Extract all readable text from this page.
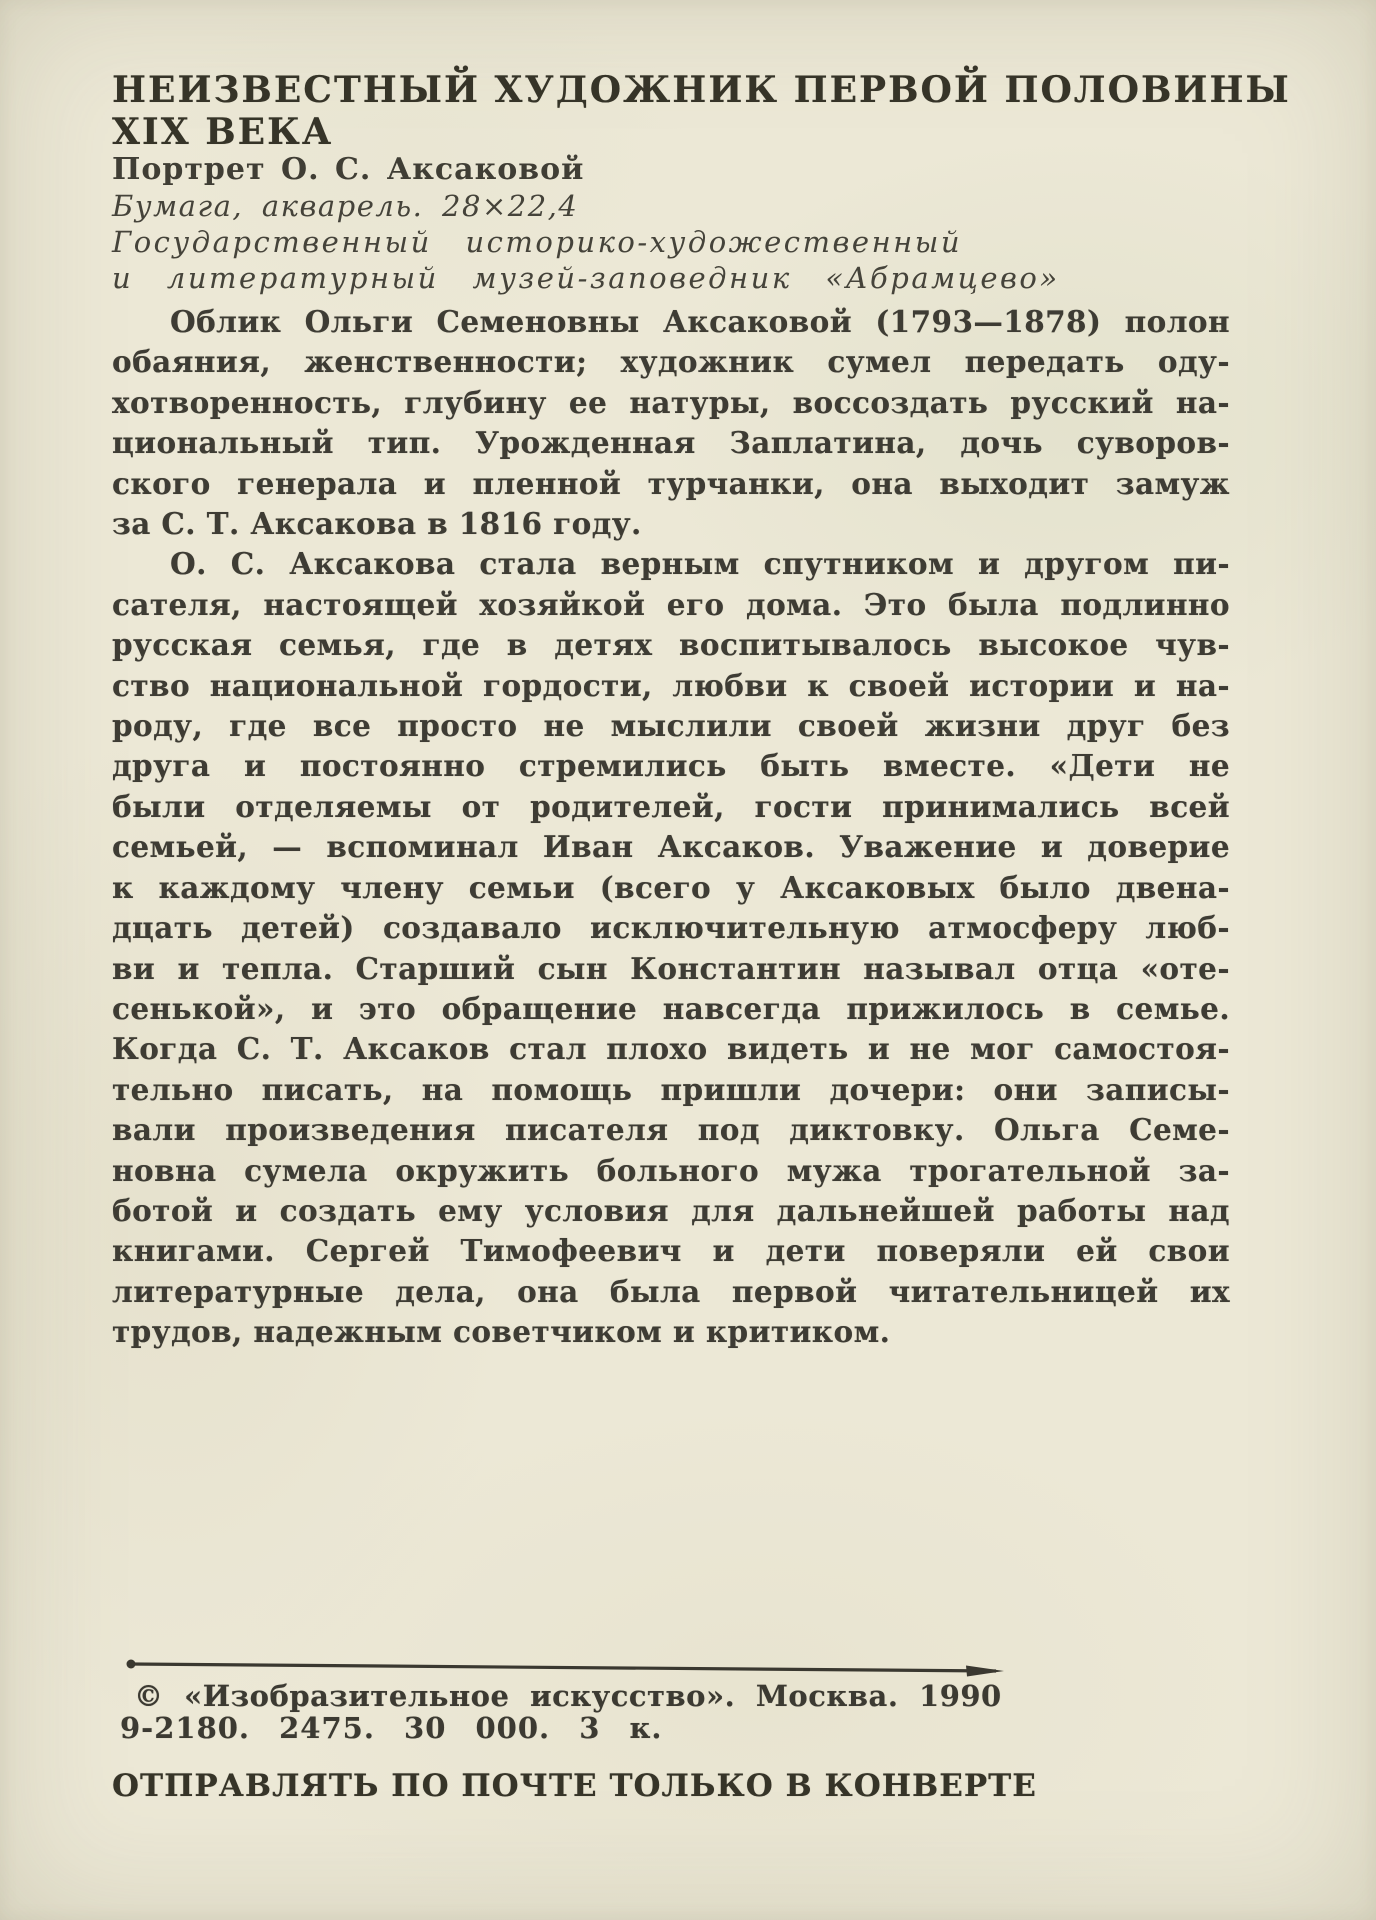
НЕИЗВЕСТНЫЙ ХУДОЖНИК ПЕРВОЙ ПОЛОВИНЫ
XIX ВЕКА
Портрет О. С. Аксаковой
Бумага, акварель. 28×22,4
Государственный историко-художественный
и литературный музей-заповедник «Абрамцево»
Облик Ольги Семеновны Аксаковой (1793—1878) полон
обаяния, женственности; художник сумел передать оду-
хотворенность, глубину ее натуры, воссоздать русский на-
циональный тип. Урожденная Заплатина, дочь суворов-
ского генерала и пленной турчанки, она выходит замуж
за С. Т. Аксакова в 1816 году.
О. С. Аксакова стала верным спутником и другом пи-
сателя, настоящей хозяйкой его дома. Это была подлинно
русская семья, где в детях воспитывалось высокое чув-
ство национальной гордости, любви к своей истории и на-
роду, где все просто не мыслили своей жизни друг без
друга и постоянно стремились быть вместе. «Дети не
были отделяемы от родителей, гости принимались всей
семьей, — вспоминал Иван Аксаков. Уважение и доверие
к каждому члену семьи (всего у Аксаковых было двена-
дцать детей) создавало исключительную атмосферу люб-
ви и тепла. Старший сын Константин называл отца «оте-
сенькой», и это обращение навсегда прижилось в семье.
Когда С. Т. Аксаков стал плохо видеть и не мог самостоя-
тельно писать, на помощь пришли дочери: они записы-
вали произведения писателя под диктовку. Ольга Семе-
новна сумела окружить больного мужа трогательной за-
ботой и создать ему условия для дальнейшей работы над
книгами. Сергей Тимофеевич и дети поверяли ей свои
литературные дела, она была первой читательницей их
трудов, надежным советчиком и критиком.
© «Изобразительное искусство». Москва. 1990
9-2180. 2475. 30 000. 3 к.
ОТПРАВЛЯТЬ ПО ПОЧТЕ ТОЛЬКО В КОНВЕРТЕ
